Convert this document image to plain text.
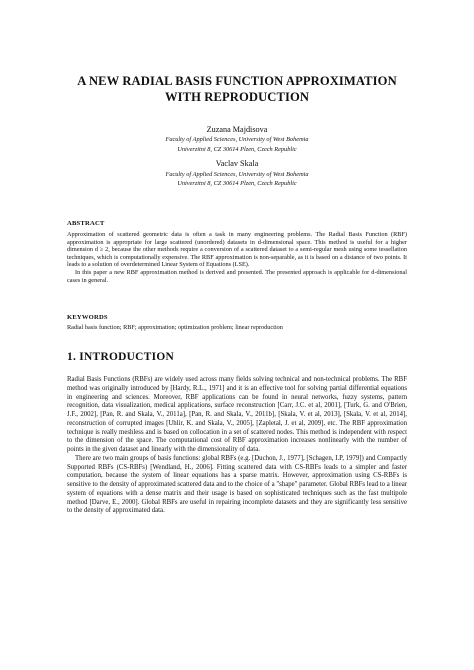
A NEW RADIAL BASIS FUNCTION APPROXIMATION
WITH REPRODUCTION
Zuzana Majdisova
Faculty of Applied Sciences, University of West Bohemia
Univerzitni 8, CZ 30614 Plzen, Czech Republic
Vaclav Skala
Faculty of Applied Sciences, University of West Bohemia
Univerzitni 8, CZ 30614 Plzen, Czech Republic
ABSTRACT

Approximation of scattered geometric data is often a task in many engineering problems. The Radial Basis Function (RBF) approximation is appropriate for large scattered (unordered) datasets in d-dimensional space. This method is useful for a higher dimension d ≥ 2, because the other methods require a conversion of a scattered dataset to a semi-regular mesh using some tessellation techniques, which is computationally expensive. The RBF approximation is non-separable, as it is based on a distance of two points. It leads to a solution of overdetermined Linear System of Equations (LSE).

In this paper a new RBF approximation method is derived and presented. The presented approach is applicable for d-dimensional cases in general.

KEYWORDS
Radial basis function; RBF; approximation; optimization problem; linear reproduction
1. INTRODUCTION

Radial Basis Functions (RBFs) are widely used across many fields solving technical and non-technical problems. The RBF method was originally introduced by [Hardy, R.L., 1971] and it is an effective tool for solving partial differential equations in engineering and sciences. Moreover, RBF applications can be found in neural networks, fuzzy systems, pattern recognition, data visualization, medical applications, surface reconstruction [Carr, J.C. et al, 2001], [Turk, G. and O'Brien, J.F., 2002], [Pan, R. and Skala, V., 2011a], [Pan, R. and Skala, V., 2011b], [Skala, V. et al, 2013], [Skala, V. et al, 2014], reconstruction of corrupted images [Uhlir, K. and Skala, V., 2005], [Zapletal, J. et al, 2009], etc. The RBF approximation technique is really meshless and is based on collocation in a set of scattered nodes. This method is independent with respect to the dimension of the space. The computational cost of RBF approximation increases nonlinearly with the number of points in the given dataset and linearly with the dimensionality of data.

There are two main groups of basis functions: global RBFs (e.g. [Duchon, J., 1977], [Schagen, I.P, 1979]) and Compactly Supported RBFs (CS-RBFs) [Wendland, H., 2006]. Fitting scattered data with CS-RBFs leads to a simpler and faster computation, because the system of linear equations has a sparse matrix. However, approximation using CS-RBFs is sensitive to the density of approximated scattered data and to the choice of a "shape" parameter. Global RBFs lead to a linear system of equations with a dense matrix and their usage is based on sophisticated techniques such as the fast multipole method [Darve, E., 2000]. Global RBFs are useful in repairing incomplete datasets and they are significantly less sensitive to the density of approximated data.
